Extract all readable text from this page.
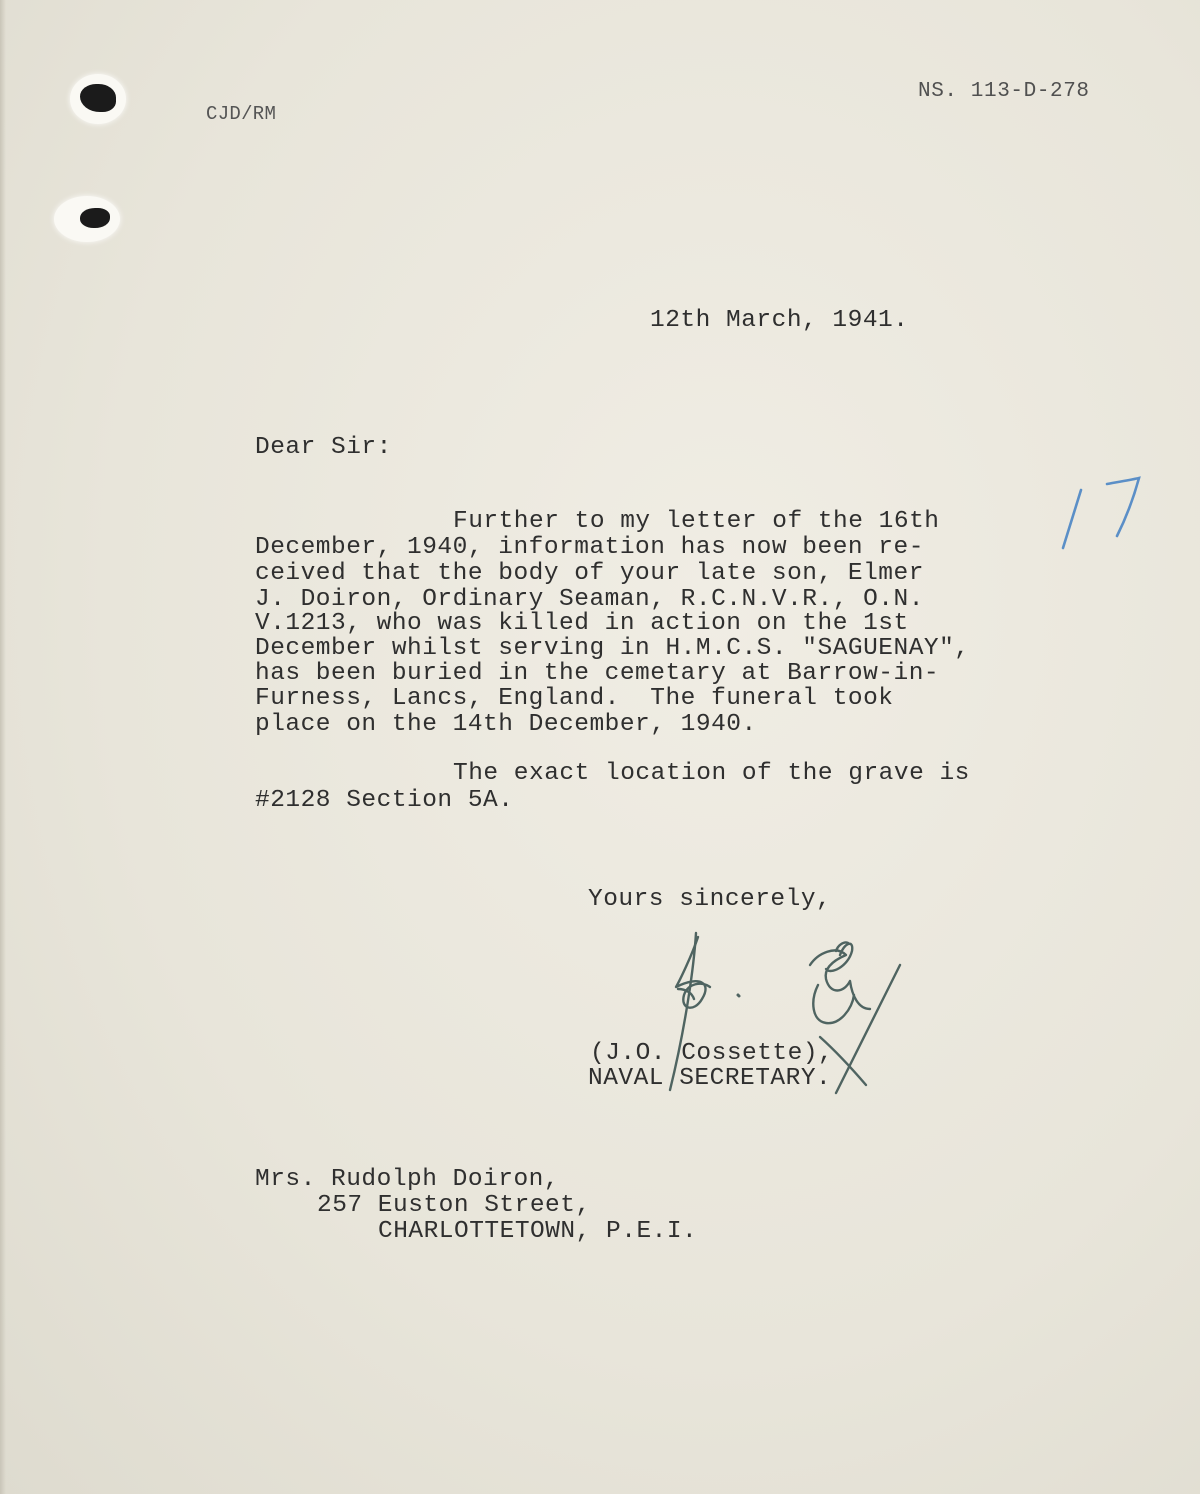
CJD/RM

NS. 113-D-278

12th March, 1941.

Dear Sir:

Further to my letter of the 16th

December, 1940, information has now been re-

ceived that the body of your late son, Elmer

J. Doiron, Ordinary Seaman, R.C.N.V.R., O.N.

V.1213, who was killed in action on the 1st

December whilst serving in H.M.C.S. "SAGUENAY",

has been buried in the cemetary at Barrow-in-

Furness, Lancs, England.  The funeral took

place on the 14th December, 1940.

The exact location of the grave is

#2128 Section 5A.

Yours sincerely,

(J.O. Cossette),

NAVAL SECRETARY.

Mrs. Rudolph Doiron,

257 Euston Street,

CHARLOTTETOWN, P.E.I.
